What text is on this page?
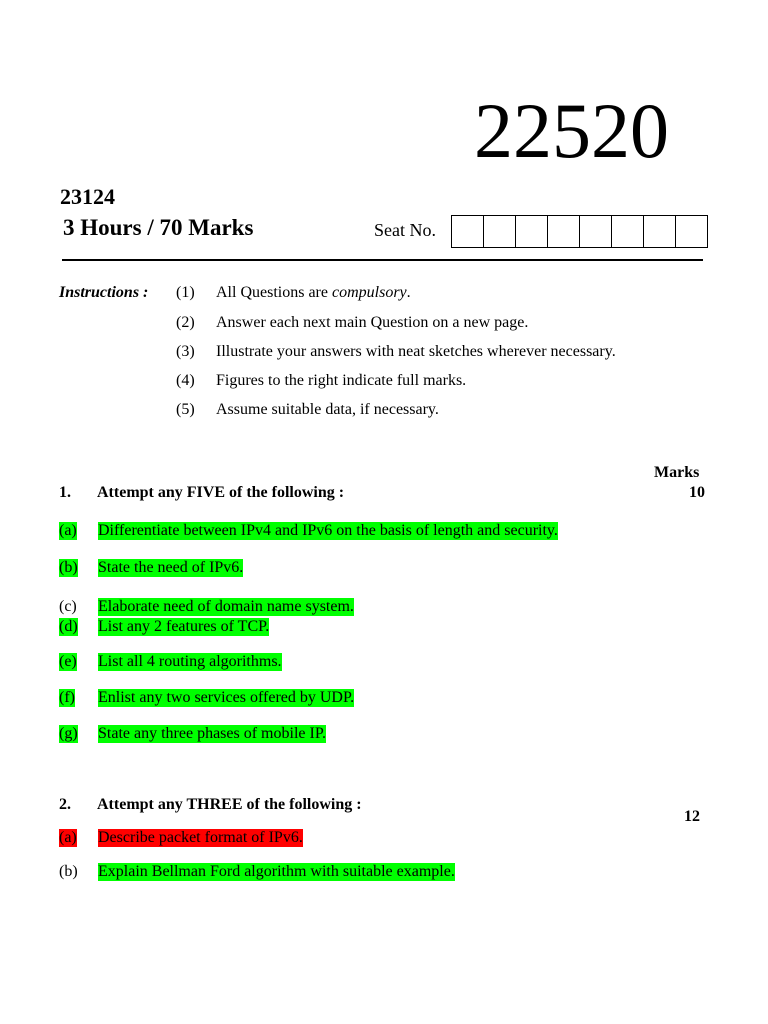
22520
23124
3 Hours / 70 Marks	Seat No.
Instructions : (1) All Questions are compulsory.
(2) Answer each next main Question on a new page.
(3) Illustrate your answers with neat sketches wherever necessary.
(4) Figures to the right indicate full marks.
(5) Assume suitable data, if necessary.
Marks
1. Attempt any FIVE of the following :	10
(a) Differentiate between IPv4 and IPv6 on the basis of length and security.
(b) State the need of IPv6.
(c) Elaborate need of domain name system.
(d) List any 2 features of TCP.
(e) List all 4 routing algorithms.
(f) Enlist any two services offered by UDP.
(g) State any three phases of mobile IP.
2. Attempt any THREE of the following :
12
(a) Describe packet format of IPv6.
(b) Explain Bellman Ford algorithm with suitable example.
